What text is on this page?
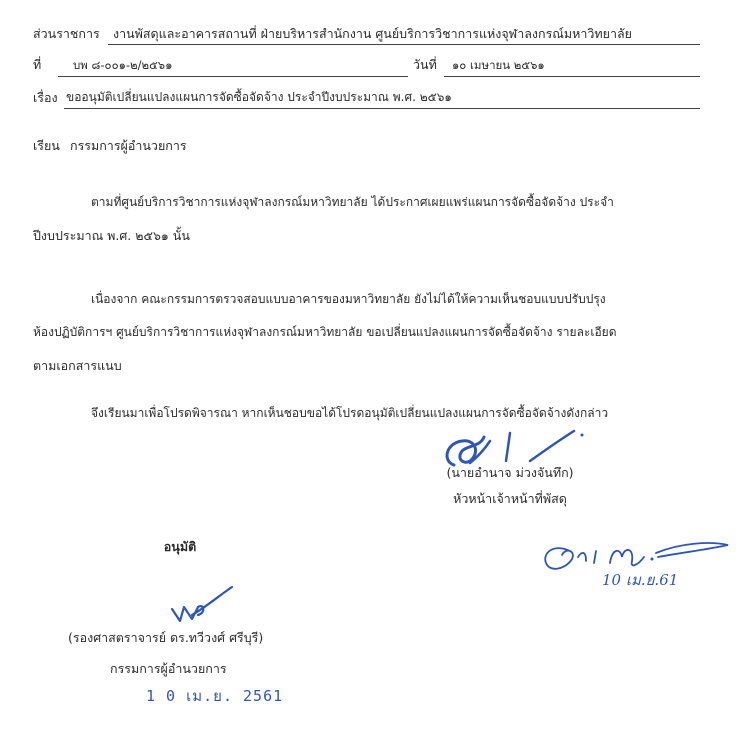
ส่วนราชการ งานพัสดุและอาคารสถานที่ ฝ่ายบริหารสำนักงาน ศูนย์บริการวิชาการแห่งจุฬาลงกรณ์มหาวิทยาลัย
ที่	บพ ๘-๐๐๑-๒/๒๕๖๑	วันที่ ๑๐ เมษายน ๒๕๖๑
เรื่อง ขออนุมัติเปลี่ยนแปลงแผนการจัดซื้อจัดจ้าง ประจำปีงบประมาณ พ.ศ. ๒๕๖๑
เรียน กรรมการผู้อำนวยการ
ตามที่ศูนย์บริการวิชาการแห่งจุฬาลงกรณ์มหาวิทยาลัย ได้ประกาศเผยแพร่แผนการจัดซื้อจัดจ้าง ประจำ
ปีงบประมาณ พ.ศ. ๒๕๖๑ นั้น
เนื่องจาก คณะกรรมการตรวจสอบแบบอาคารของมหาวิทยาลัย ยังไม่ได้ให้ความเห็นชอบแบบปรับปรุง
ห้องปฏิบัติการฯ ศูนย์บริการวิชาการแห่งจุฬาลงกรณ์มหาวิทยาลัย ขอเปลี่ยนแปลงแผนการจัดซื้อจัดจ้าง รายละเอียด
ตามเอกสารแนบ
จึงเรียนมาเพื่อโปรดพิจารณา หากเห็นชอบขอได้โปรดอนุมัติเปลี่ยนแปลงแผนการจัดซื้อจัดจ้างดังกล่าว
(นายอำนาจ ม่วงจันทึก)
หัวหน้าเจ้าหน้าที่พัสดุ
10 เม.ย.61
อนุมัติ
(รองศาสตราจารย์ ดร.ทวีวงศ์ ศรีบุรี)
กรรมการผู้อำนวยการ
1 0 เม.ย. 2561
